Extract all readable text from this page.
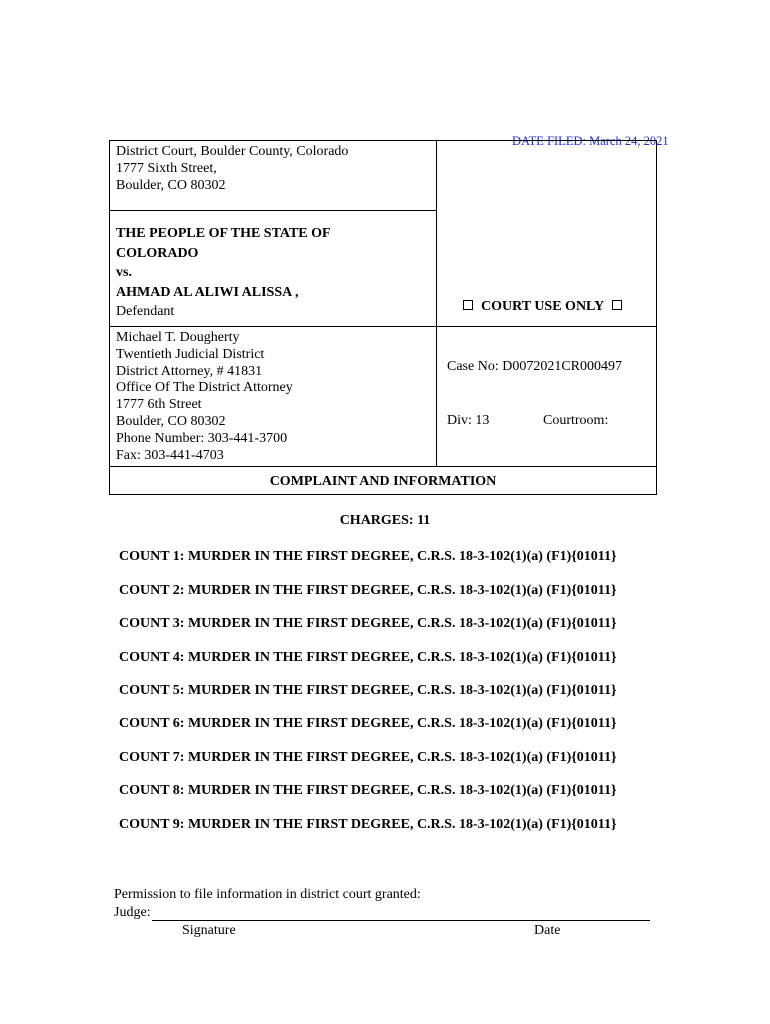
DATE FILED: March 24, 2021
District Court, Boulder County, Colorado
1777 Sixth Street,
Boulder, CO 80302
THE PEOPLE OF THE STATE OF
COLORADO
vs.
AHMAD AL ALIWI ALISSA ,
Defendant	COURT USE ONLY
Michael T. Dougherty
Twentieth Judicial District
District Attorney, # 41831
Office Of The District Attorney
1777 6th Street
Boulder, CO 80302
Phone Number: 303-441-3700
Fax: 303-441-4703
Case No: D0072021CR000497
Div: 13	Courtroom:
COMPLAINT AND INFORMATION
CHARGES: 11
COUNT 1: MURDER IN THE FIRST DEGREE, C.R.S. 18-3-102(1)(a) (F1){01011}
COUNT 2: MURDER IN THE FIRST DEGREE, C.R.S. 18-3-102(1)(a) (F1){01011}
COUNT 3: MURDER IN THE FIRST DEGREE, C.R.S. 18-3-102(1)(a) (F1){01011}
COUNT 4: MURDER IN THE FIRST DEGREE, C.R.S. 18-3-102(1)(a) (F1){01011}
COUNT 5: MURDER IN THE FIRST DEGREE, C.R.S. 18-3-102(1)(a) (F1){01011}
COUNT 6: MURDER IN THE FIRST DEGREE, C.R.S. 18-3-102(1)(a) (F1){01011}
COUNT 7: MURDER IN THE FIRST DEGREE, C.R.S. 18-3-102(1)(a) (F1){01011}
COUNT 8: MURDER IN THE FIRST DEGREE, C.R.S. 18-3-102(1)(a) (F1){01011}
COUNT 9: MURDER IN THE FIRST DEGREE, C.R.S. 18-3-102(1)(a) (F1){01011}
Permission to file information in district court granted:
Judge:
Signature	Date
